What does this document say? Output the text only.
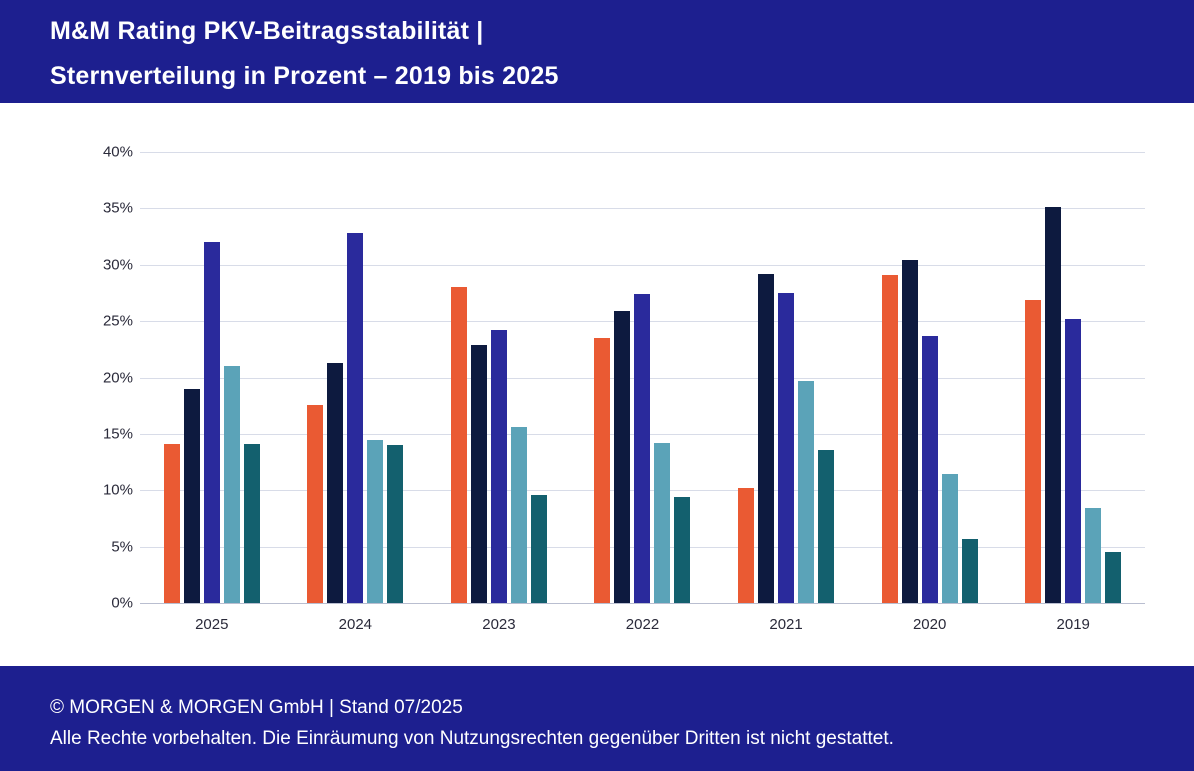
M&M Rating PKV-Beitragsstabilität |
Sternverteilung in Prozent – 2019 bis 2025
0%
5%
10%
15%
20%
25%
30%
35%
40%
2025	2024	2023	2022	2021	2020	2019
© MORGEN & MORGEN GmbH | Stand 07/2025
Alle Rechte vorbehalten. Die Einräumung von Nutzungsrechten gegenüber Dritten ist nicht gestattet.
